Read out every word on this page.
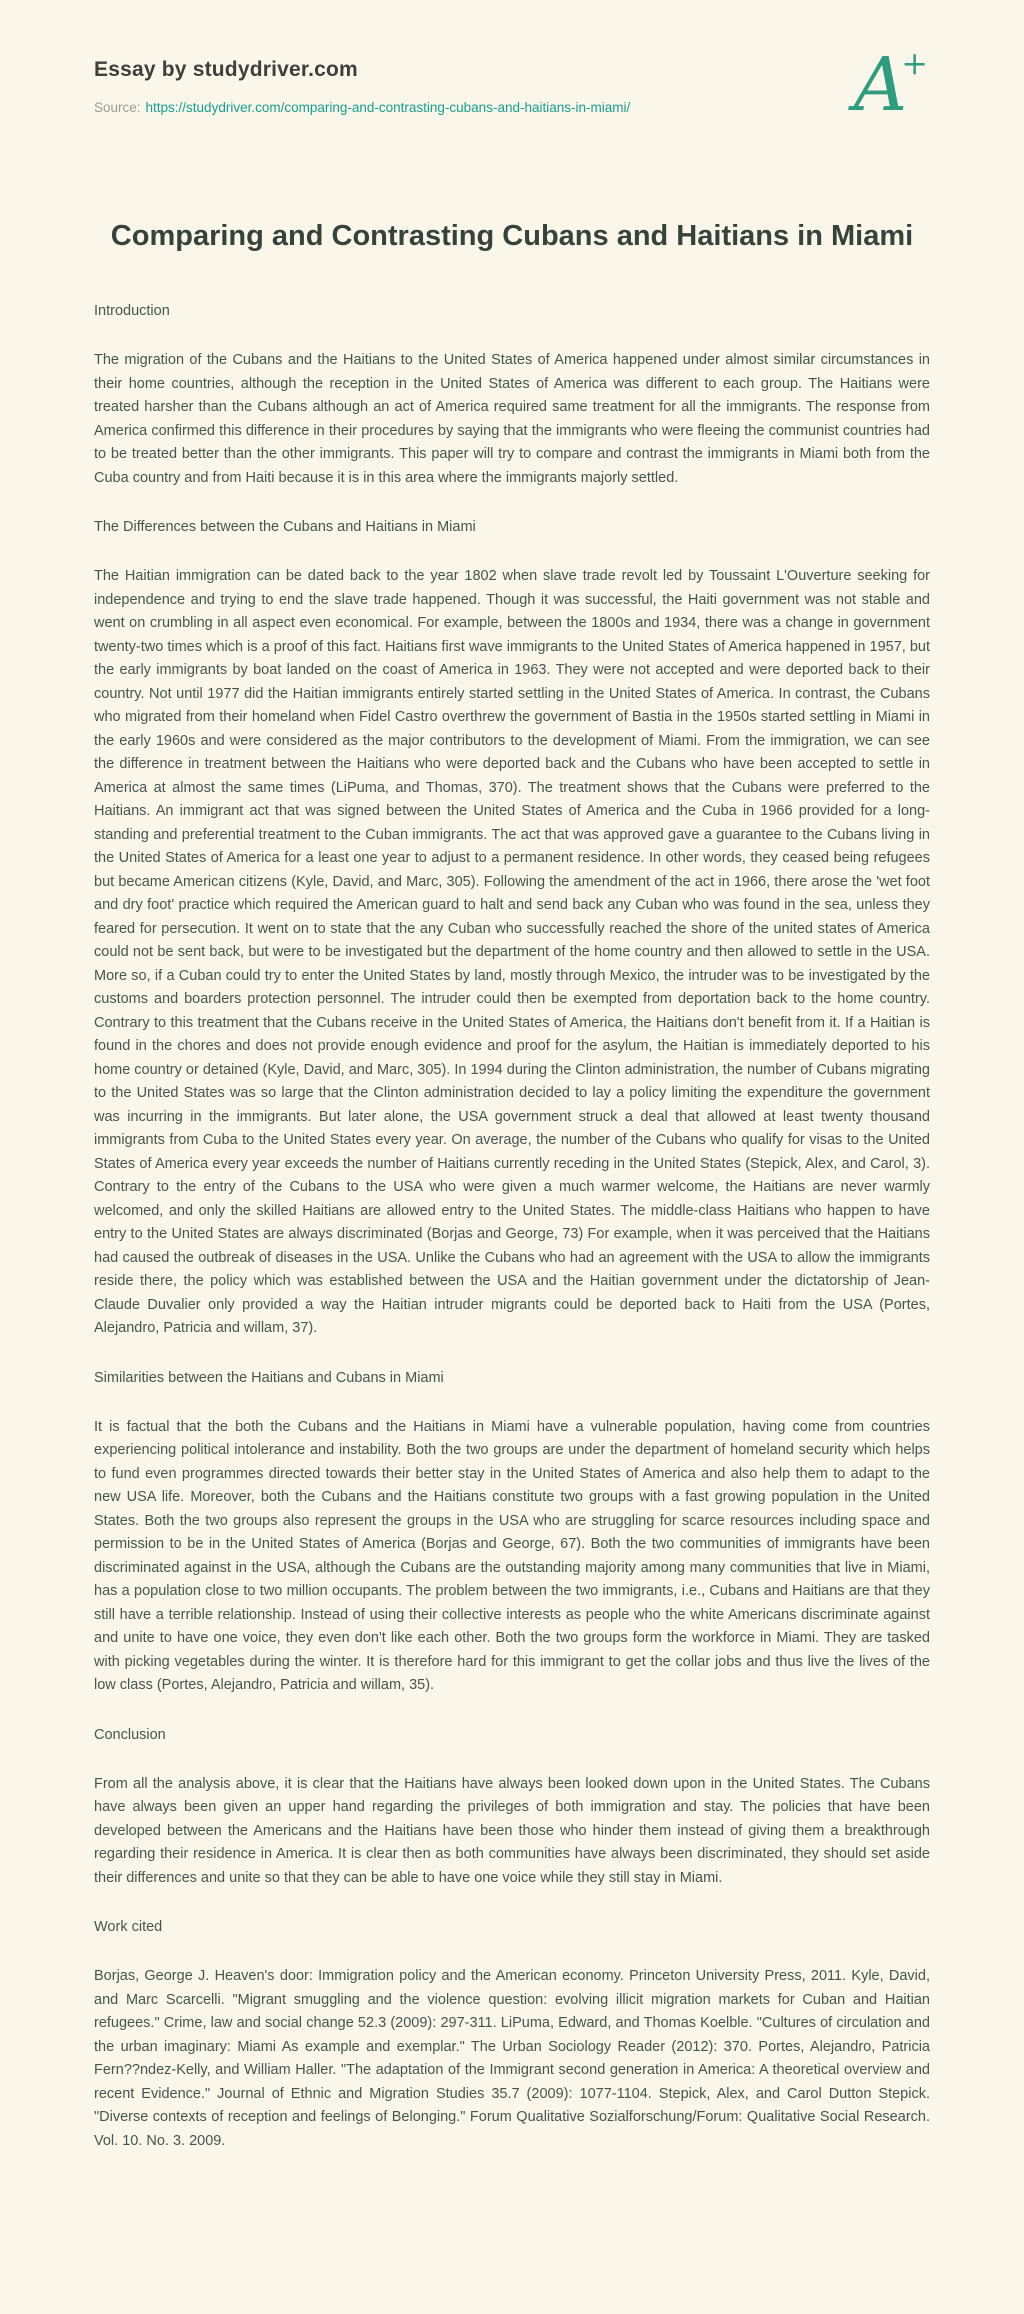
Essay by studydriver.com
Source: https://studydriver.com/comparing-and-contrasting-cubans-and-haitians-in-miami/	A+
Comparing and Contrasting Cubans and Haitians in Miami
Introduction

The migration of the Cubans and the Haitians to the United States of America happened under almost similar circumstances in their home countries, although the reception in the United States of America was different to each group. The Haitians were treated harsher than the Cubans although an act of America required same treatment for all the immigrants. The response from America confirmed this difference in their procedures by saying that the immigrants who were fleeing the communist countries had to be treated better than the other immigrants. This paper will try to compare and contrast the immigrants in Miami both from the Cuba country and from Haiti because it is in this area where the immigrants majorly settled.

The Differences between the Cubans and Haitians in Miami

The Haitian immigration can be dated back to the year 1802 when slave trade revolt led by Toussaint L'Ouverture seeking for independence and trying to end the slave trade happened. Though it was successful, the Haiti government was not stable and went on crumbling in all aspect even economical. For example, between the 1800s and 1934, there was a change in government twenty-two times which is a proof of this fact. Haitians first wave immigrants to the United States of America happened in 1957, but the early immigrants by boat landed on the coast of America in 1963. They were not accepted and were deported back to their country. Not until 1977 did the Haitian immigrants entirely started settling in the United States of America. In contrast, the Cubans who migrated from their homeland when Fidel Castro overthrew the government of Bastia in the 1950s started settling in Miami in the early 1960s and were considered as the major contributors to the development of Miami. From the immigration, we can see the difference in treatment between the Haitians who were deported back and the Cubans who have been accepted to settle in America at almost the same times (LiPuma, and Thomas, 370). The treatment shows that the Cubans were preferred to the Haitians. An immigrant act that was signed between the United States of America and the Cuba in 1966 provided for a long-standing and preferential treatment to the Cuban immigrants. The act that was approved gave a guarantee to the Cubans living in the United States of America for a least one year to adjust to a permanent residence. In other words, they ceased being refugees but became American citizens (Kyle, David, and Marc, 305). Following the amendment of the act in 1966, there arose the 'wet foot and dry foot' practice which required the American guard to halt and send back any Cuban who was found in the sea, unless they feared for persecution. It went on to state that the any Cuban who successfully reached the shore of the united states of America could not be sent back, but were to be investigated but the department of the home country and then allowed to settle in the USA. More so, if a Cuban could try to enter the United States by land, mostly through Mexico, the intruder was to be investigated by the customs and boarders protection personnel. The intruder could then be exempted from deportation back to the home country. Contrary to this treatment that the Cubans receive in the United States of America, the Haitians don't benefit from it. If a Haitian is found in the chores and does not provide enough evidence and proof for the asylum, the Haitian is immediately deported to his home country or detained (Kyle, David, and Marc, 305). In 1994 during the Clinton administration, the number of Cubans migrating to the United States was so large that the Clinton administration decided to lay a policy limiting the expenditure the government was incurring in the immigrants. But later alone, the USA government struck a deal that allowed at least twenty thousand immigrants from Cuba to the United States every year. On average, the number of the Cubans who qualify for visas to the United States of America every year exceeds the number of Haitians currently receding in the United States (Stepick, Alex, and Carol, 3). Contrary to the entry of the Cubans to the USA who were given a much warmer welcome, the Haitians are never warmly welcomed, and only the skilled Haitians are allowed entry to the United States. The middle-class Haitians who happen to have entry to the United States are always discriminated (Borjas and George, 73) For example, when it was perceived that the Haitians had caused the outbreak of diseases in the USA. Unlike the Cubans who had an agreement with the USA to allow the immigrants reside there, the policy which was established between the USA and the Haitian government under the dictatorship of Jean-Claude Duvalier only provided a way the Haitian intruder migrants could be deported back to Haiti from the USA (Portes, Alejandro, Patricia and willam, 37).

Similarities between the Haitians and Cubans in Miami

It is factual that the both the Cubans and the Haitians in Miami have a vulnerable population, having come from countries experiencing political intolerance and instability. Both the two groups are under the department of homeland security which helps to fund even programmes directed towards their better stay in the United States of America and also help them to adapt to the new USA life. Moreover, both the Cubans and the Haitians constitute two groups with a fast growing population in the United States. Both the two groups also represent the groups in the USA who are struggling for scarce resources including space and permission to be in the United States of America (Borjas and George, 67). Both the two communities of immigrants have been discriminated against in the USA, although the Cubans are the outstanding majority among many communities that live in Miami, has a population close to two million occupants. The problem between the two immigrants, i.e., Cubans and Haitians are that they still have a terrible relationship. Instead of using their collective interests as people who the white Americans discriminate against and unite to have one voice, they even don't like each other. Both the two groups form the workforce in Miami. They are tasked with picking vegetables during the winter. It is therefore hard for this immigrant to get the collar jobs and thus live the lives of the low class (Portes, Alejandro, Patricia and willam, 35).

Conclusion

From all the analysis above, it is clear that the Haitians have always been looked down upon in the United States. The Cubans have always been given an upper hand regarding the privileges of both immigration and stay. The policies that have been developed between the Americans and the Haitians have been those who hinder them instead of giving them a breakthrough regarding their residence in America. It is clear then as both communities have always been discriminated, they should set aside their differences and unite so that they can be able to have one voice while they still stay in Miami.

Work cited

Borjas, George J. Heaven's door: Immigration policy and the American economy. Princeton University Press, 2011. Kyle, David, and Marc Scarcelli. "Migrant smuggling and the violence question: evolving illicit migration markets for Cuban and Haitian refugees." Crime, law and social change 52.3 (2009): 297-311. LiPuma, Edward, and Thomas Koelble. "Cultures of circulation and the urban imaginary: Miami As example and exemplar." The Urban Sociology Reader (2012): 370. Portes, Alejandro, Patricia Fern??ndez-Kelly, and William Haller. "The adaptation of the Immigrant second generation in America: A theoretical overview and recent Evidence." Journal of Ethnic and Migration Studies 35.7 (2009): 1077-1104. Stepick, Alex, and Carol Dutton Stepick. "Diverse contexts of reception and feelings of Belonging." Forum Qualitative Sozialforschung/Forum: Qualitative Social Research. Vol. 10. No. 3. 2009.
